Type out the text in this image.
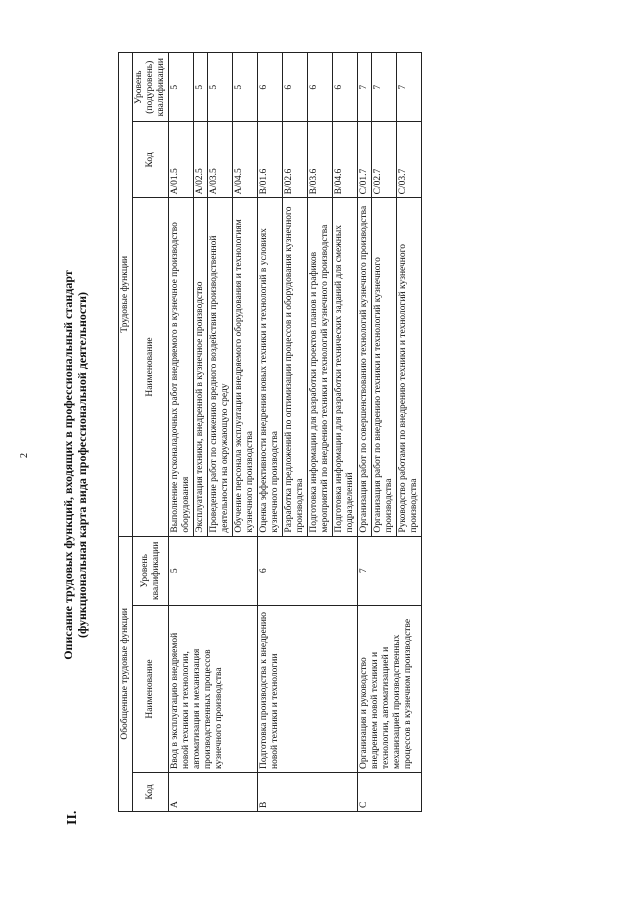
2
II.
Описание трудовых функций, входящих в профессиональный стандарт (функциональная карта вида профессиональной деятельности)
Обобщенные трудовые функции			Трудовые функции		
Код	Наименование	Уровень квалификации	Наименование	Код	Уровень (подуровень) квалификации
A	Ввод в эксплуатацию внедряемой новой техники и технологии, автоматизация и механизация производственных процессов кузнечного производства	5	Выполнение пусконаладочных работ внедряемого в кузнечное производство оборудования	A/01.5	5
			Эксплуатация техники, внедренной в кузнечное производство	A/02.5	5
			Проведение работ по снижению вредного воздействия производственной деятельности на окружающую среду	A/03.5	5
			Обучение персонала эксплуатации внедряемого оборудования и технологиям кузнечного производства	A/04.5	5
B	Подготовка производства к внедрению новой техники и технологии	6	Оценка эффективности внедрения новых техники и технологий в условиях кузнечного производства	B/01.6	6
			Разработка предложений по оптимизации процессов и оборудования кузнечного производства	B/02.6	6
			Подготовка информации для разработки проектов планов и графиков мероприятий по внедрению техники и технологий кузнечного производства	B/03.6	6
			Подготовка информации для разработки технических заданий для смежных подразделений	B/04.6	6
C	Организация и руководство внедрением новой техники и технологии, автоматизацией и механизацией производственных процессов в кузнечном производстве	7	Организация работ по совершенствованию технологий кузнечного производства	C/01.7	7
			Организация работ по внедрению техники и технологий кузнечного производства	C/02.7	7
			Руководство работами по внедрению техники и технологий кузнечного производства	C/03.7	7
